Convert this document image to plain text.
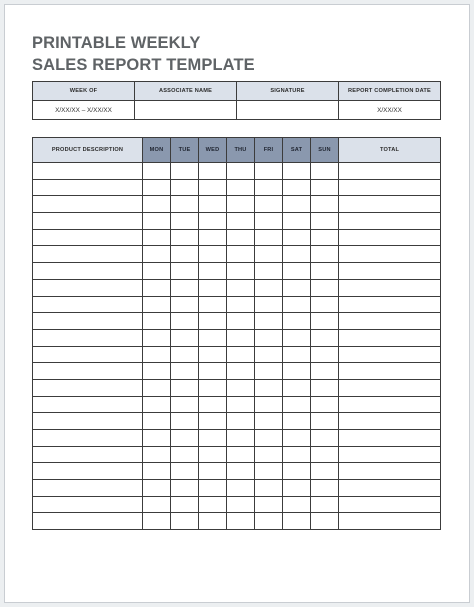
PRINTABLE WEEKLY
SALES REPORT TEMPLATE
WEEK OF	ASSOCIATE NAME	SIGNATURE	REPORT COMPLETION DATE
X/XX/XX – X/XX/XX			X/XX/XX
PRODUCT DESCRIPTION	MON	TUE	WED	THU	FRI	SAT	SUN	TOTAL
